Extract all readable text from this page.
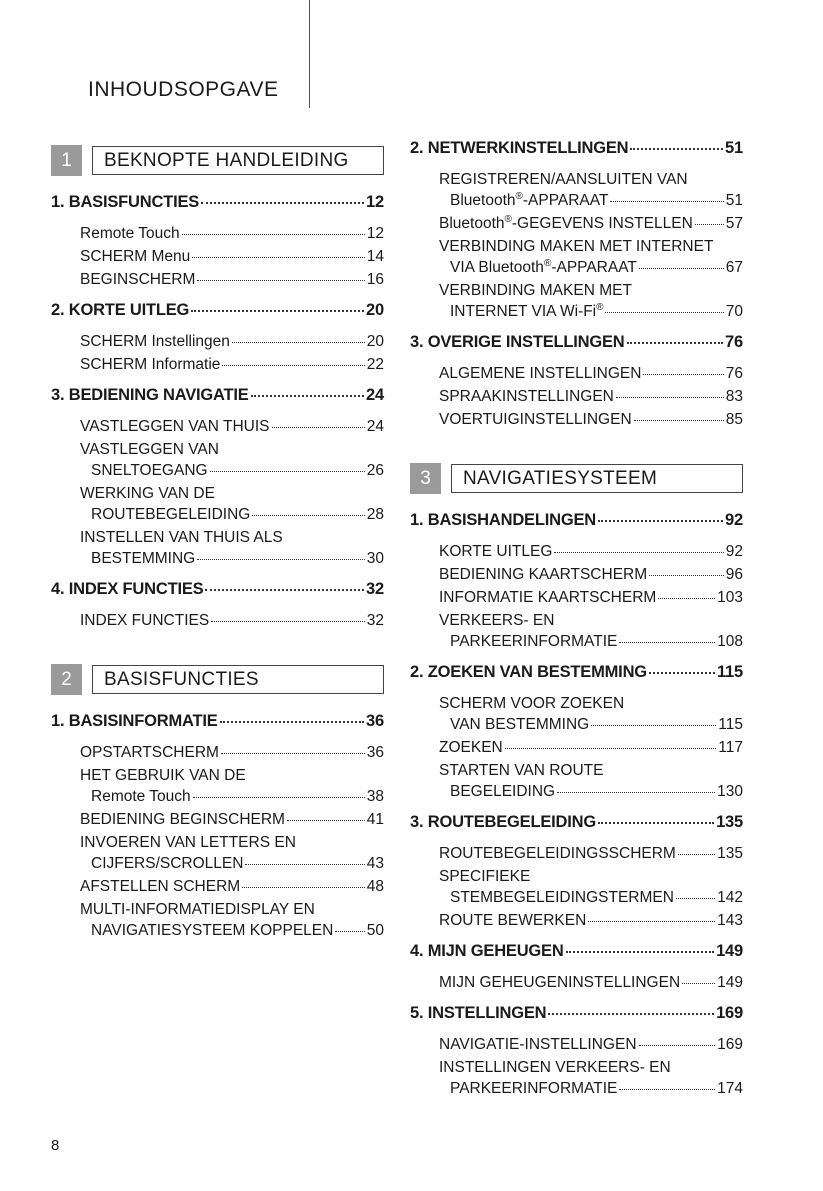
INHOUDSOPGAVE
1	BEKNOPTE HANDLEIDING
1. BASISFUNCTIES	12
Remote Touch	12
SCHERM Menu	14
BEGINSCHERM	16
2. KORTE UITLEG	20
SCHERM Instellingen	20
SCHERM Informatie	22
3. BEDIENING NAVIGATIE	24
VASTLEGGEN VAN THUIS	24
VASTLEGGEN VAN
SNELTOEGANG	26
WERKING VAN DE
ROUTEBEGELEIDING	28
INSTELLEN VAN THUIS ALS
BESTEMMING	30
4. INDEX FUNCTIES	32
INDEX FUNCTIES	32
2	BASISFUNCTIES
1. BASISINFORMATIE	36
OPSTARTSCHERM	36
HET GEBRUIK VAN DE
Remote Touch	38
BEDIENING BEGINSCHERM	41
INVOEREN VAN LETTERS EN
CIJFERS/SCROLLEN	43
AFSTELLEN SCHERM	48
MULTI-INFORMATIEDISPLAY EN
NAVIGATIESYSTEEM KOPPELEN 50
2. NETWERKINSTELLINGEN	51
REGISTREREN/AANSLUITEN VAN
Bluetooth®-APPARAAT	51
Bluetooth®-GEGEVENS INSTELLEN 57
VERBINDING MAKEN MET INTERNET
VIA Bluetooth®-APPARAAT	67
VERBINDING MAKEN MET
INTERNET VIA Wi-Fi®	70
3. OVERIGE INSTELLINGEN	76
ALGEMENE INSTELLINGEN	76
SPRAAKINSTELLINGEN	83
VOERTUIGINSTELLINGEN	85
3	NAVIGATIESYSTEEM
1. BASISHANDELINGEN	92
KORTE UITLEG	92
BEDIENING KAARTSCHERM	96
INFORMATIE KAARTSCHERM	103
VERKEERS- EN
PARKEERINFORMATIE	108
2. ZOEKEN VAN BESTEMMING	115
SCHERM VOOR ZOEKEN
VAN BESTEMMING	115
ZOEKEN	117
STARTEN VAN ROUTE
BEGELEIDING	130
3. ROUTEBEGELEIDING	135
ROUTEBEGELEIDINGSSCHERM	135
SPECIFIEKE
STEMBEGELEIDINGSTERMEN	142
ROUTE BEWERKEN	143
4. MIJN GEHEUGEN	149
MIJN GEHEUGENINSTELLINGEN 149
5. INSTELLINGEN	169
NAVIGATIE-INSTELLINGEN	169
INSTELLINGEN VERKEERS- EN
PARKEERINFORMATIE	174
8
